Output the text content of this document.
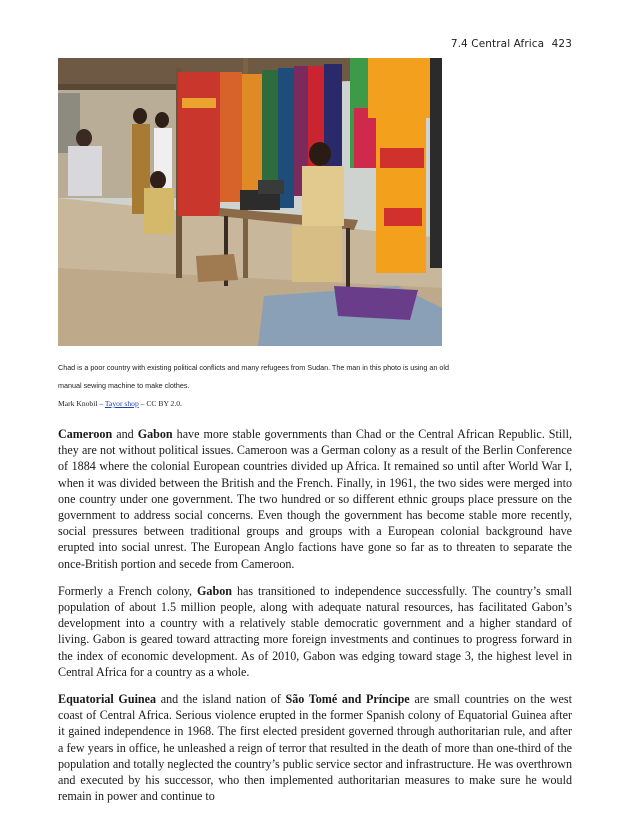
7.4 Central Africa 423
Chad is a poor country with existing political conflicts and many refugees from Sudan. The man in this photo is using an old manual sewing machine to make clothes.
Mark Knobil – Tayor shop – CC BY 2.0.

Cameroon and Gabon have more stable governments than Chad or the Central African Republic. Still, they are not without political issues. Cameroon was a German colony as a result of the Berlin Conference of 1884 where the colonial European countries divided up Africa. It remained so until after World War I, when it was divided between the British and the French. Finally, in 1961, the two sides were merged into one country under one government. The two hundred or so different ethnic groups place pressure on the government to address social concerns. Even though the government has become stable more recently, social pressures between traditional groups and groups with a European colonial background have erupted into social unrest. The European Anglo factions have gone so far as to threaten to separate the once-British portion and secede from Cameroon.

Formerly a French colony, Gabon has transitioned to independence successfully. The country’s small population of about 1.5 million people, along with adequate natural resources, has facilitated Gabon’s development into a country with a relatively stable democratic government and a higher standard of living. Gabon is geared toward attracting more foreign investments and continues to progress forward in the index of economic development. As of 2010, Gabon was edging toward stage 3, the highest level in Central Africa for a country as a whole.

Equatorial Guinea and the island nation of São Tomé and Príncipe are small countries on the west coast of Central Africa. Serious violence erupted in the former Spanish colony of Equatorial Guinea after it gained independence in 1968. The first elected president governed through authoritarian rule, and after a few years in office, he unleashed a reign of terror that resulted in the death of more than one-third of the population and totally neglected the country’s public service sector and infrastructure. He was overthrown and executed by his successor, who then implemented authoritarian measures to make sure he would remain in power and continue to
